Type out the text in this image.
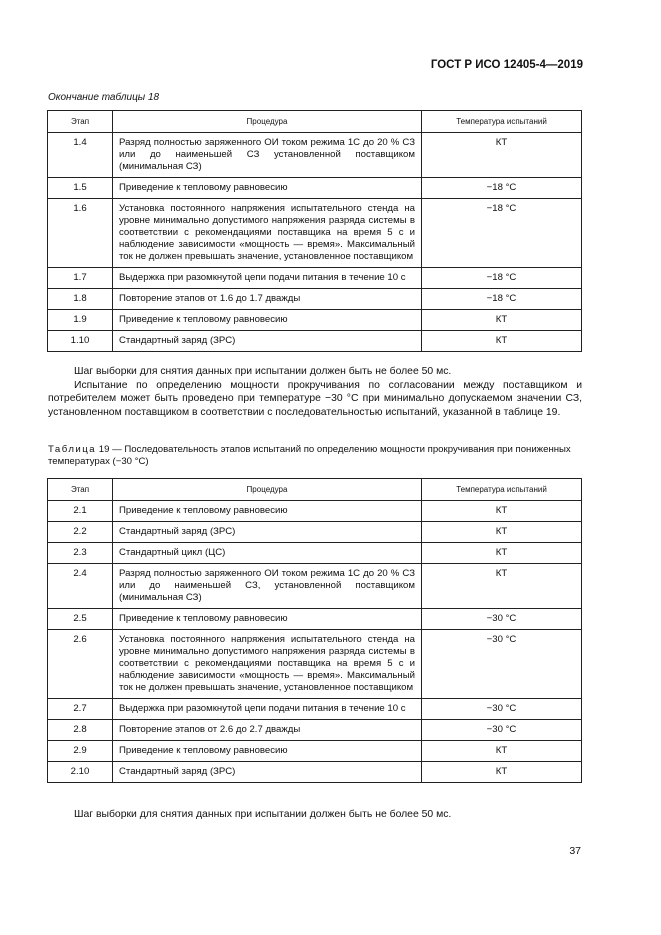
ГОСТ Р ИСО 12405-4—2019
Окончание таблицы 18
Этап	Процедура	Температура испытаний
1.4	Разряд полностью заряженного ОИ током режима 1С до 20 % СЗ или до наименьшей СЗ установленной поставщиком (минимальная СЗ)	КТ
1.5	Приведение к тепловому равновесию	−18 °С
1.6	Установка постоянного напряжения испытательного стенда на уровне минимально допустимого напряжения разряда системы в соответствии с рекомендациями поставщика на время 5 с и наблюдение зависимости «мощность — время». Максимальный ток не должен превышать значение, установленное поставщиком	−18 °С
1.7	Выдержка при разомкнутой цепи подачи питания в течение 10 с	−18 °С
1.8	Повторение этапов от 1.6 до 1.7 дважды	−18 °С
1.9	Приведение к тепловому равновесию	КТ
1.10	Стандартный заряд (ЗРС)	КТ
Шаг выборки для снятия данных при испытании должен быть не более 50 мс.
Испытание по определению мощности прокручивания по согласовании между поставщиком и потребителем может быть проведено при температуре −30 °С при минимально допускаемом значении СЗ, установленном поставщиком в соответствии с последовательностью испытаний, указанной в таблице 19.
Таблица 19 — Последовательность этапов испытаний по определению мощности прокручивания при пониженных температурах (−30 °С)
Этап	Процедура	Температура испытаний
2.1	Приведение к тепловому равновесию	КТ
2.2	Стандартный заряд (ЗРС)	КТ
2.3	Стандартный цикл (ЦС)	КТ
2.4	Разряд полностью заряженного ОИ током режима 1С до 20 % СЗ или до наименьшей СЗ, установленной поставщиком (минимальная СЗ)	КТ
2.5	Приведение к тепловому равновесию	−30 °С
2.6	Установка постоянного напряжения испытательного стенда на уровне минимально допустимого напряжения разряда системы в соответствии с рекомендациями поставщика на время 5 с и наблюдение зависимости «мощность — время». Максимальный ток не должен превышать значение, установленное поставщиком	−30 °С
2.7	Выдержка при разомкнутой цепи подачи питания в течение 10 с	−30 °С
2.8	Повторение этапов от 2.6 до 2.7 дважды	−30 °С
2.9	Приведение к тепловому равновесию	КТ
2.10	Стандартный заряд (ЗРС)	КТ
Шаг выборки для снятия данных при испытании должен быть не более 50 мс.
37
